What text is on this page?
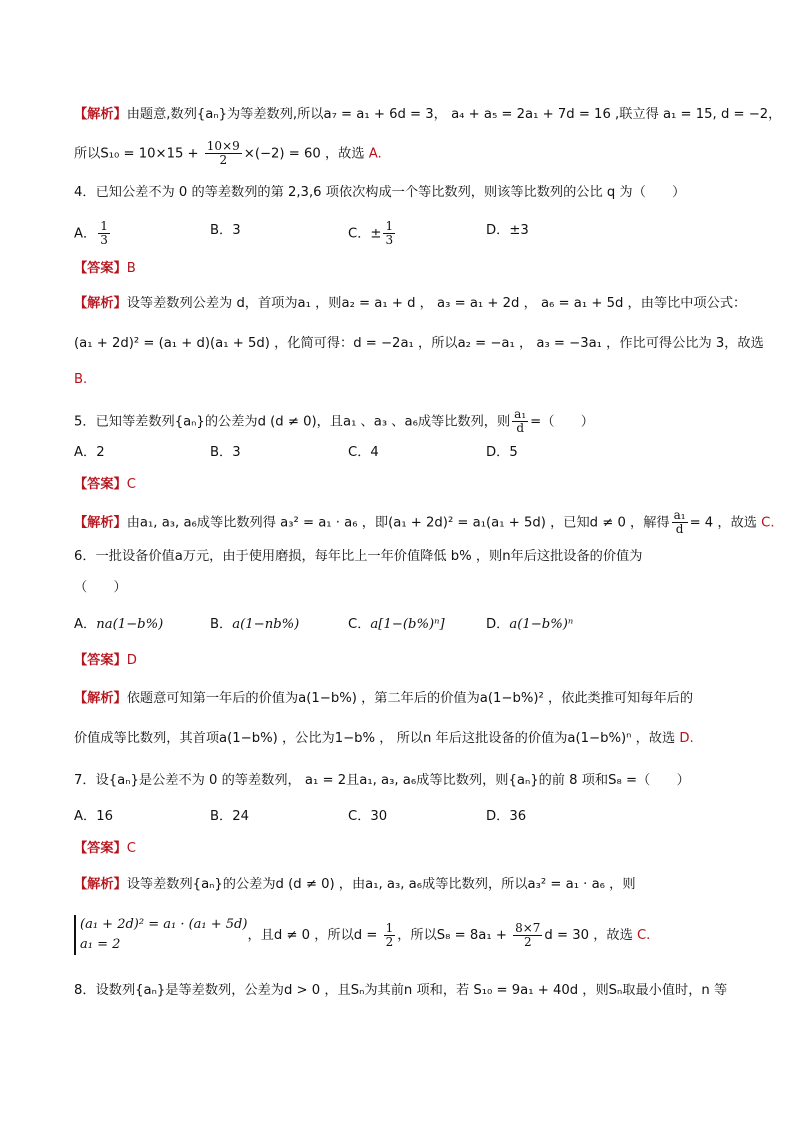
【解析】由题意,数列{aₙ}为等差数列,所以a₇ = a₁ + 6d = 3， a₄ + a₅ = 2a₁ + 7d = 16 ,联立得 a₁ = 15, d = −2，
所以$S_{10} = 10\times 15 + \frac{10\times 9}{2} \times(-2) = 60$ ，故选 A.
4．已知公差不为 0 的等差数列的第 2,3,6 项依次构成一个等比数列，则该等比数列的公比 q 为（　　）
A． $\frac{1}{3}$	B．3	C．± $\frac{1}{3}$	D．±3
【答案】B
【解析】设等差数列公差为 d，首项为a₁ ，则a₂ = a₁ + d ， a₃ = a₁ + 2d ， a₆ = a₁ + 5d ，由等比中项公式：
(a₁ + 2d)² = (a₁ + d)(a₁ + 5d) ，化简可得：d = −2a₁ ，所以a₂ = −a₁ ， a₃ = −3a₁ ，作比可得公比为 3，故选
B.
5．已知等差数列{aₙ}的公差为d (d ≠ 0)，且a₁ 、a₃ 、a₆成等比数列，则 $\frac{\text{a₁}}{d}$ =（　　）
A．2	B．3	C．4	D．5
【答案】C
【解析】由a₁, a₃, a₆成等比数列得 a₃² = a₁ · a₆ ，即(a₁ + 2d)² = a₁(a₁ + 5d) ，已知d ≠ 0 ，解得 $\frac{\text{a₁}}{d} = 4$ ，故选 C.
6．一批设备价值a万元，由于使用磨损，每年比上一年价值降低 b% ，则n年后这批设备的价值为
（　　）
A．na(1−b%)	B．a(1−nb%)	C．a[1−(b%)ⁿ]	D．a(1−b%)ⁿ
【答案】D
【解析】依题意可知第一年后的价值为a(1−b%) ，第二年后的价值为a(1−b%)² ，依此类推可知每年后的
价值成等比数列，其首项a(1−b%) ，公比为1−b% ， 所以n 年后这批设备的价值为a(1−b%)ⁿ ，故选 D.
7．设{aₙ}是公差不为 0 的等差数列， a₁ = 2且a₁, a₃, a₆成等比数列，则{aₙ}的前 8 项和S₈ =（　　）
A．16	B．24	C．30	D．36
【答案】C
【解析】设等差数列{aₙ}的公差为d (d ≠ 0) ，由a₁, a₃, a₆成等比数列，所以a₃² = a₁ · a₆ ，则
(a₁ + 2d)² = a₁ · (a₁ + 5d)
a₁ = 2
，且d ≠ 0 ，所以$d = \frac{1}{2}$ ，所以$S_8 = 8a_1 + \frac{8\times 7}{2}$ d = 30 ，故选 C.
8．设数列{aₙ}是等差数列，公差为d > 0 ，且Sₙ为其前n 项和，若 S₁₀ = 9a₁ + 40d ，则Sₙ取最小值时，n 等
